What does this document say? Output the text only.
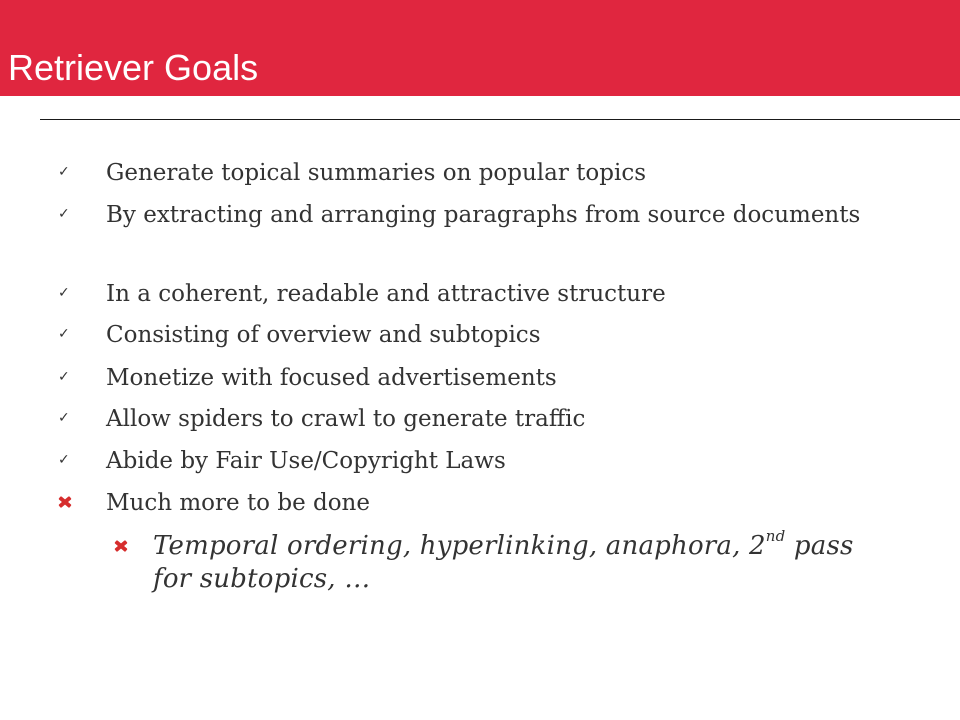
Retriever Goals
✓ Generate topical summaries on popular topics
✓ By extracting and arranging paragraphs from source documents
✓ In a coherent, readable and attractive structure
✓ Consisting of overview and subtopics
✓ Monetize with focused advertisements
✓ Allow spiders to crawl to generate traffic
✓ Abide by Fair Use/Copyright Laws
Much more to be done
Temporal ordering, hyperlinking, anaphora, 2nd pass for subtopics, …
